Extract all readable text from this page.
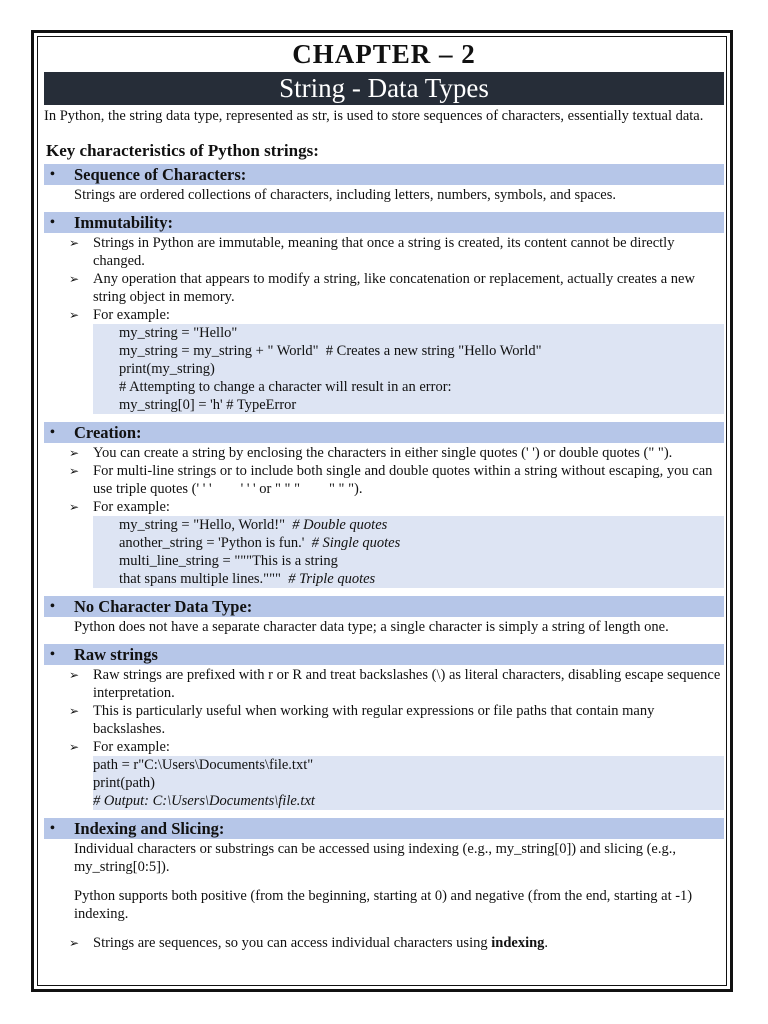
CHAPTER – 2
String - Data Types

In Python, the string data type, represented as str, is used to store sequences of characters, essentially textual data.

Key characteristics of Python strings:
• Sequence of Characters:
Strings are ordered collections of characters, including letters, numbers, symbols, and spaces.
• Immutability:
➢ Strings in Python are immutable, meaning that once a string is created, its content cannot be directly changed.
➢ Any operation that appears to modify a string, like concatenation or replacement, actually creates a new string object in memory.
➢ For example:
my_string = "Hello"
my_string = my_string + " World"  # Creates a new string "Hello World"
print(my_string)
# Attempting to change a character will result in an error:
my_string[0] = 'h' # TypeError
• Creation:
➢ You can create a string by enclosing the characters in either single quotes (' ') or double quotes (" ").
➢ For multi-line strings or to include both single and double quotes within a string without escaping, you can use triple quotes (' ' '        ' ' ' or " " "        " " ").
➢ For example:
my_string = "Hello, World!"  # Double quotes
another_string = 'Python is fun.'  # Single quotes
multi_line_string = """This is a string
that spans multiple lines."""  # Triple quotes
• No Character Data Type:
Python does not have a separate character data type; a single character is simply a string of length one.
• Raw strings
➢ Raw strings are prefixed with r or R and treat backslashes (\) as literal characters, disabling escape sequence interpretation.
➢ This is particularly useful when working with regular expressions or file paths that contain many backslashes.
➢ For example:
path = r"C:\Users\Documents\file.txt"
print(path)
# Output: C:\Users\Documents\file.txt
• Indexing and Slicing:
Individual characters or substrings can be accessed using indexing (e.g., my_string[0]) and slicing (e.g., my_string[0:5]).
Python supports both positive (from the beginning, starting at 0) and negative (from the end, starting at -1) indexing.
➢ Strings are sequences, so you can access individual characters using indexing.
